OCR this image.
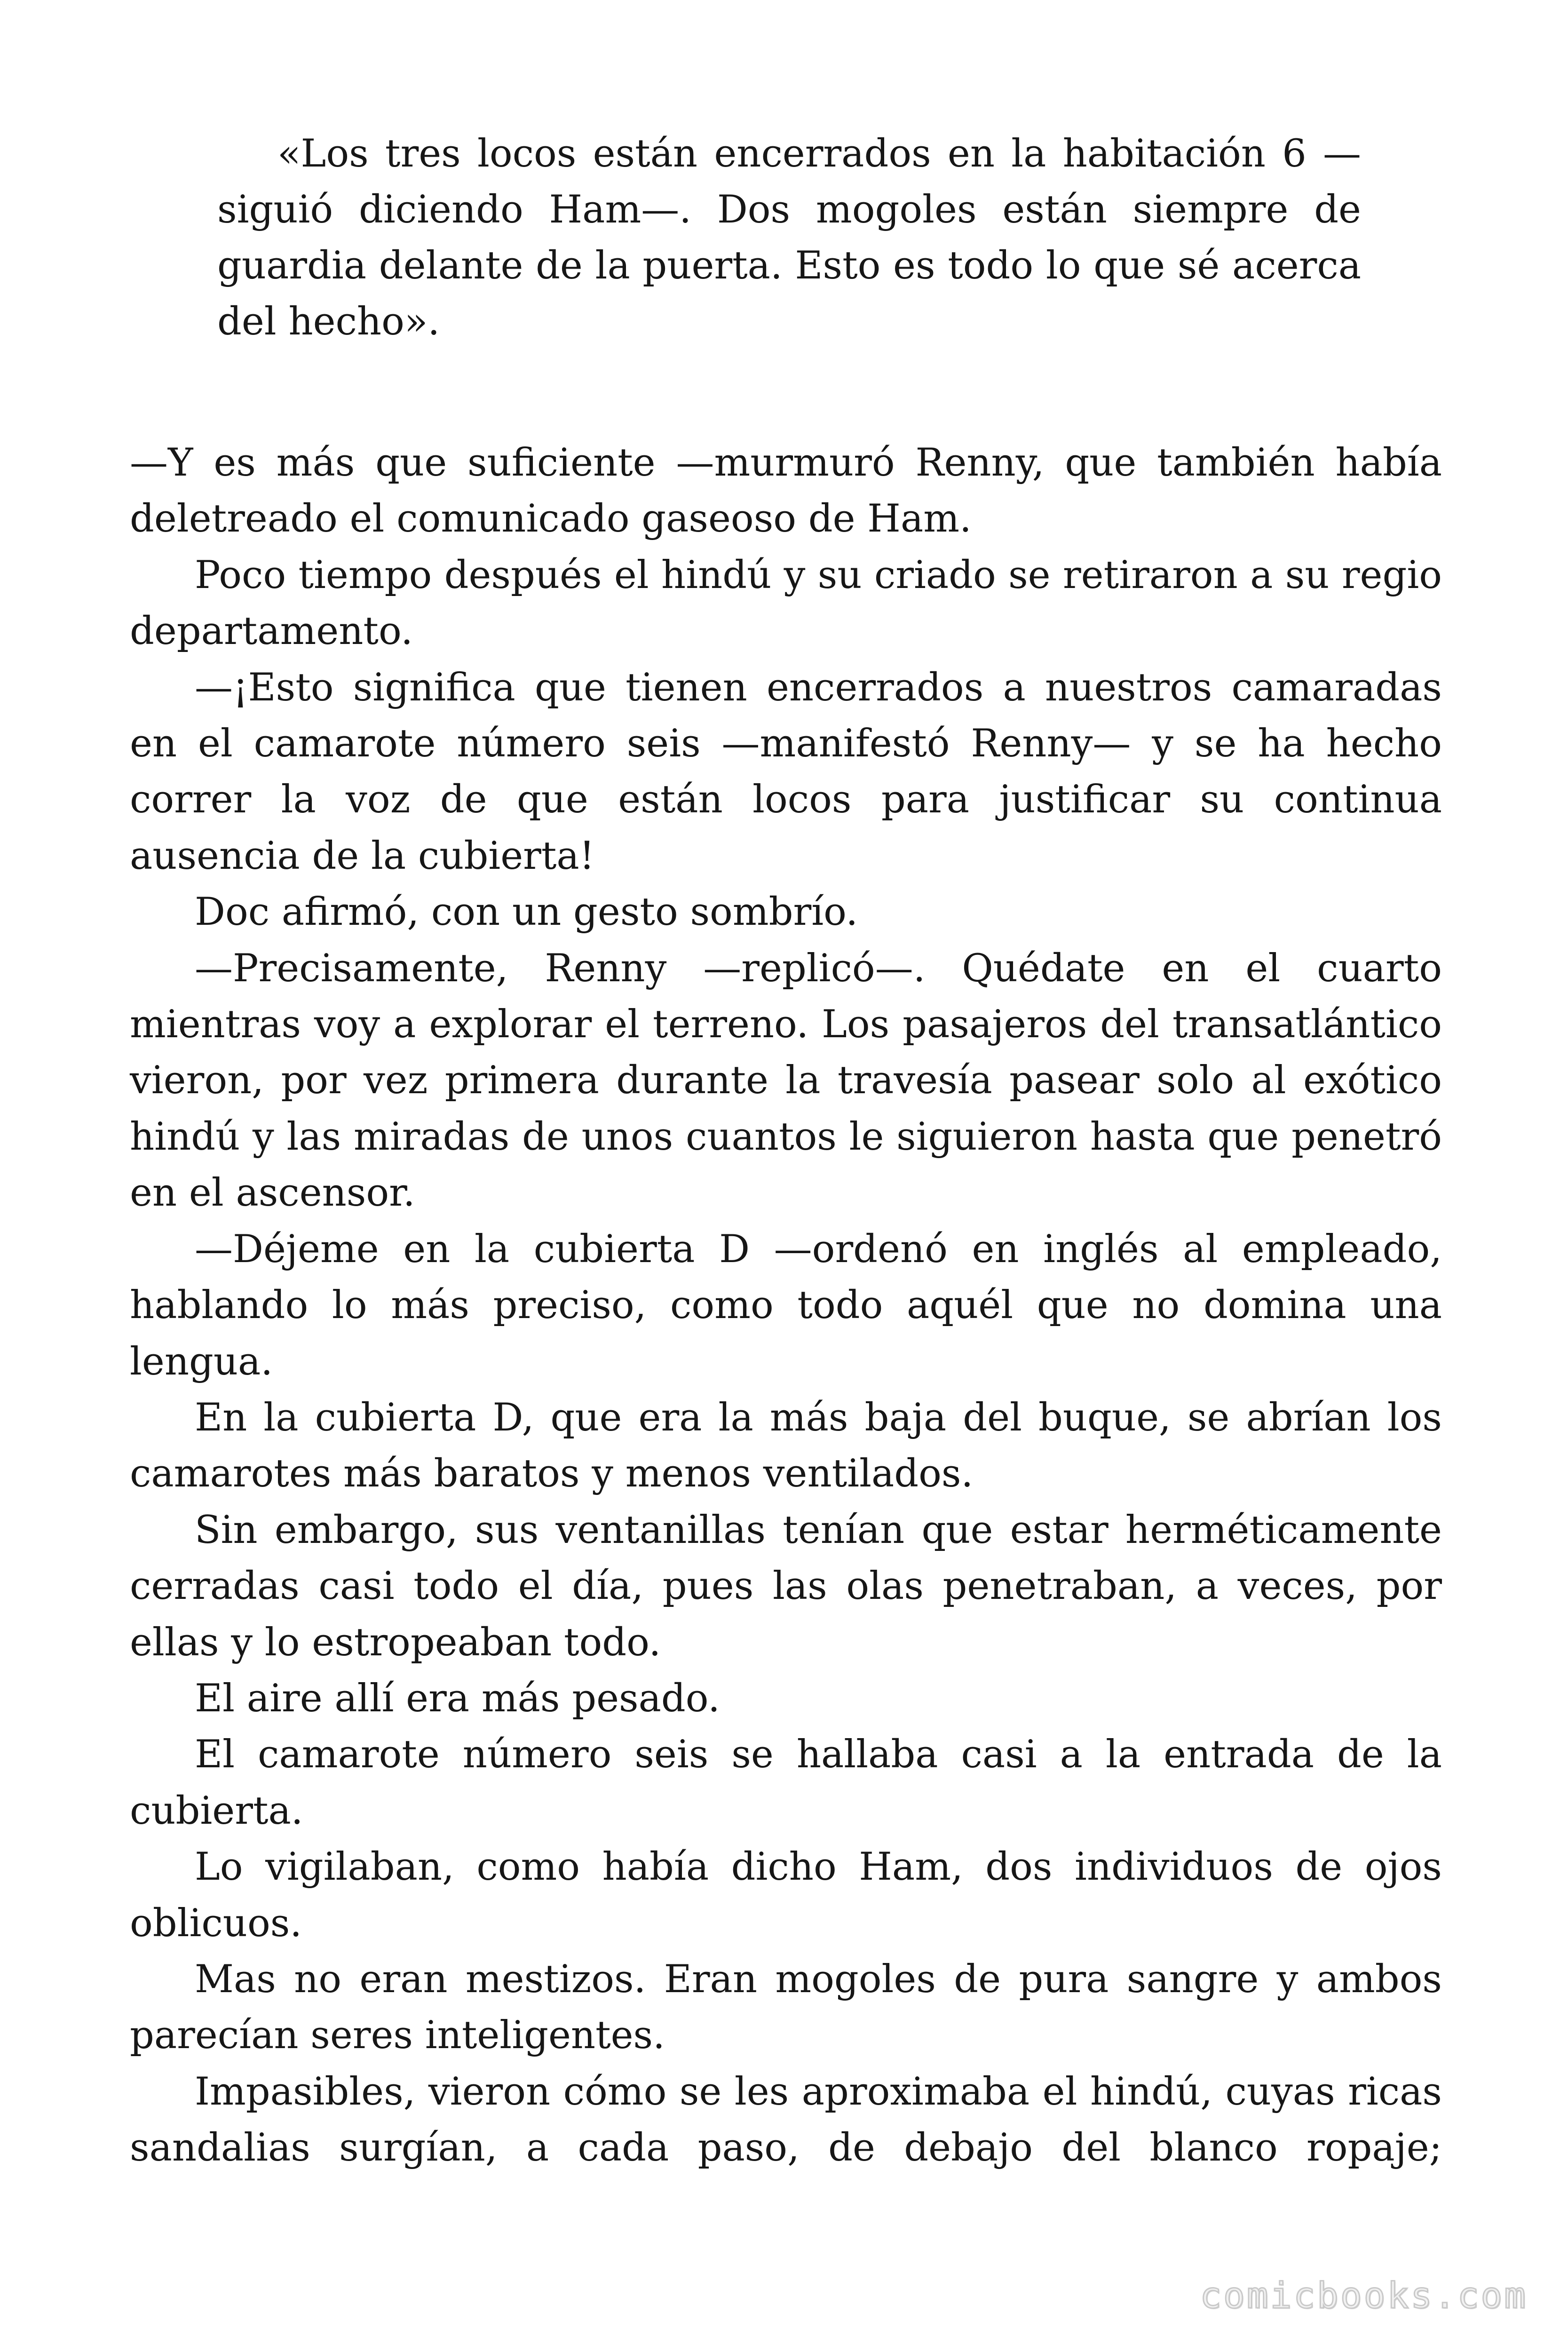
«Los tres locos están encerrados en la habitación 6 —siguió diciendo Ham—. Dos mogoles están siempre de guardia delante de la puerta. Esto es todo lo que sé acerca del hecho».

—Y es más que suficiente —murmuró Renny, que también había deletreado el comunicado gaseoso de Ham.

Poco tiempo después el hindú y su criado se retiraron a su regio departamento.

—¡Esto significa que tienen encerrados a nuestros camaradas en el camarote número seis —manifestó Renny— y se ha hecho correr la voz de que están locos para justificar su continua ausencia de la cubierta!

Doc afirmó, con un gesto sombrío.

—Precisamente, Renny —replicó—. Quédate en el cuarto mientras voy a explorar el terreno. Los pasajeros del transatlántico vieron, por vez primera durante la travesía pasear solo al exótico hindú y las miradas de unos cuantos le siguieron hasta que penetró en el ascensor.

—Déjeme en la cubierta D —ordenó en inglés al empleado, hablando lo más preciso, como todo aquél que no domina una lengua.

En la cubierta D, que era la más baja del buque, se abrían los camarotes más baratos y menos ventilados.

Sin embargo, sus ventanillas tenían que estar herméticamente cerradas casi todo el día, pues las olas penetraban, a veces, por ellas y lo estropeaban todo.

El aire allí era más pesado.

El camarote número seis se hallaba casi a la entrada de la cubierta.

Lo vigilaban, como había dicho Ham, dos individuos de ojos oblicuos.

Mas no eran mestizos. Eran mogoles de pura sangre y ambos parecían seres inteligentes.

Impasibles, vieron cómo se les aproximaba el hindú, cuyas ricas sandalias surgían, a cada paso, de debajo del blanco ropaje;

comicbooks.com
